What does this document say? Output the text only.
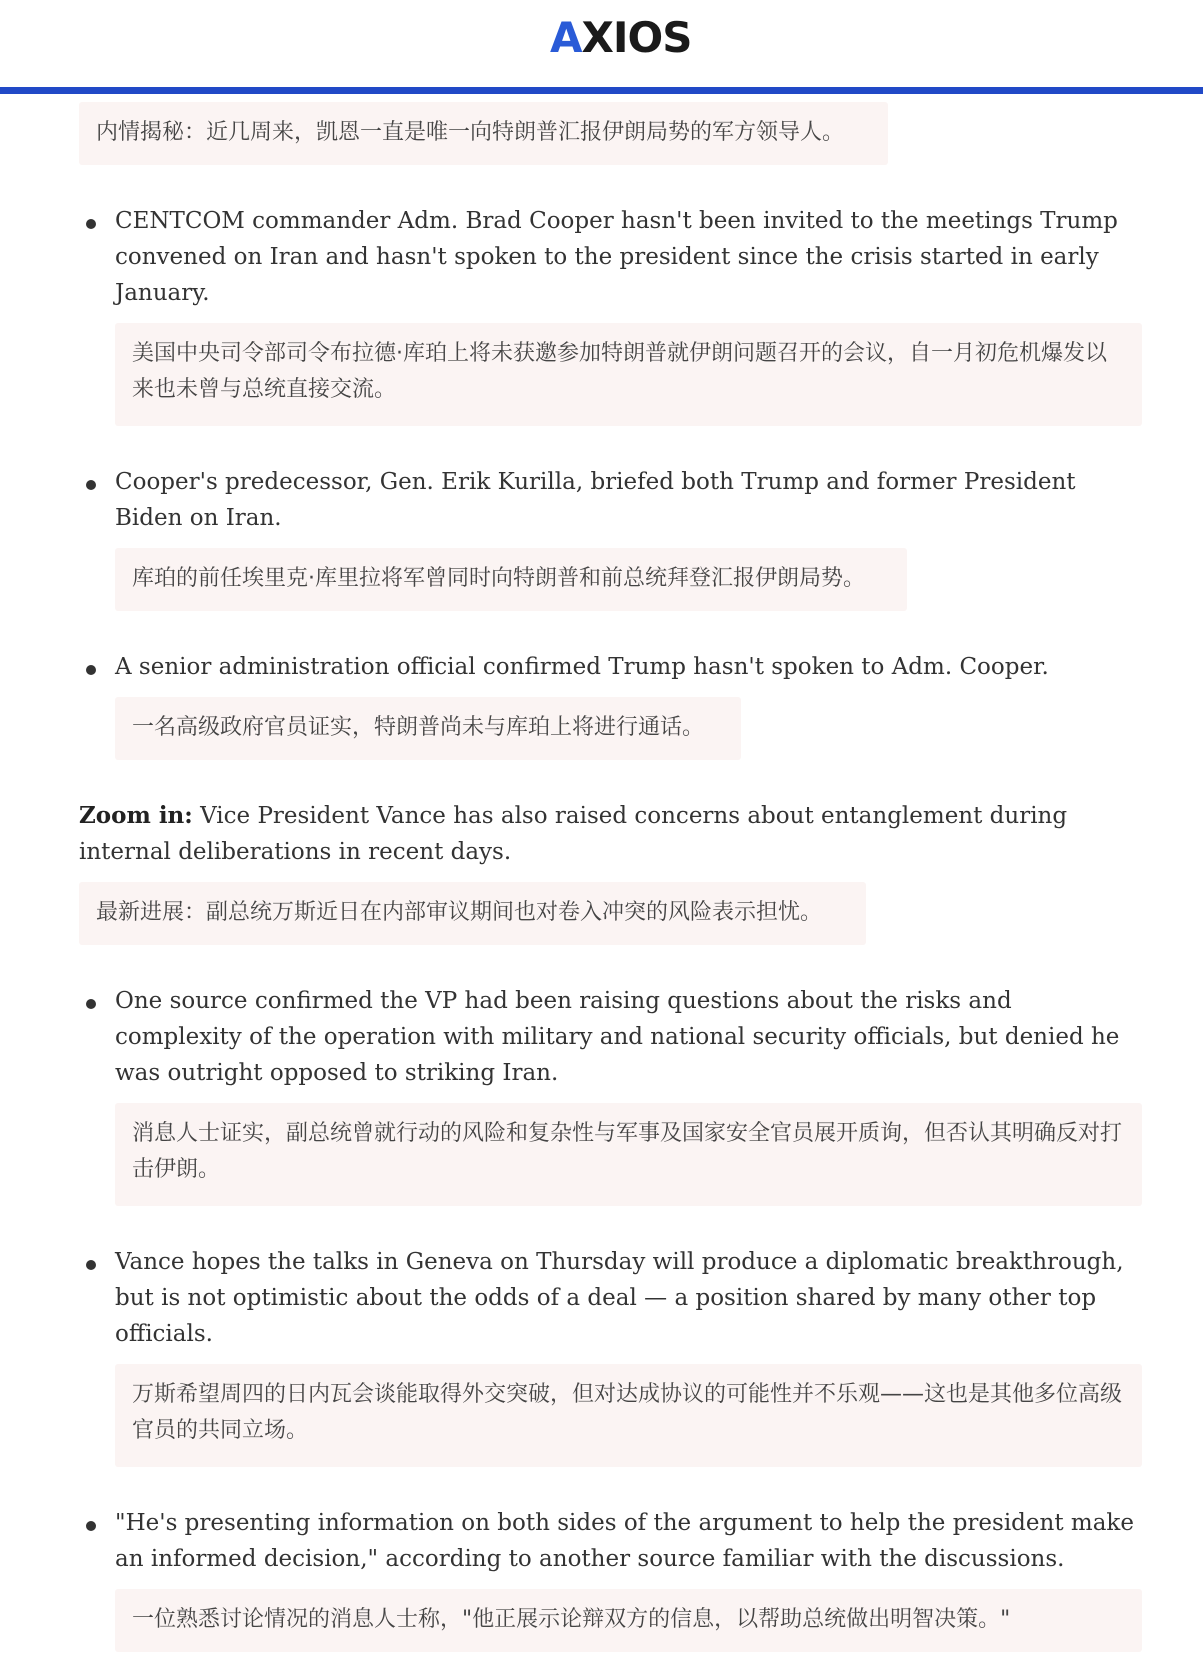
AXIOS
内情揭秘：近几周来，凯恩一直是唯一向特朗普汇报伊朗局势的军方领导人。
CENTCOM commander Adm. Brad Cooper hasn't been invited to the meetings Trump convened on Iran and hasn't spoken to the president since the crisis started in early January.
美国中央司令部司令布拉德·库珀上将未获邀参加特朗普就伊朗问题召开的会议，自一月初危机爆发以来也未曾与总统直接交流。
Cooper's predecessor, Gen. Erik Kurilla, briefed both Trump and former President Biden on Iran.
库珀的前任埃里克·库里拉将军曾同时向特朗普和前总统拜登汇报伊朗局势。
A senior administration official confirmed Trump hasn't spoken to Adm. Cooper.
一名高级政府官员证实，特朗普尚未与库珀上将进行通话。
Zoom in: Vice President Vance has also raised concerns about entanglement during internal deliberations in recent days.
最新进展：副总统万斯近日在内部审议期间也对卷入冲突的风险表示担忧。
One source confirmed the VP had been raising questions about the risks and complexity of the operation with military and national security officials, but denied he was outright opposed to striking Iran.
消息人士证实，副总统曾就行动的风险和复杂性与军事及国家安全官员展开质询，但否认其明确反对打击伊朗。
Vance hopes the talks in Geneva on Thursday will produce a diplomatic breakthrough, but is not optimistic about the odds of a deal — a position shared by many other top officials.
万斯希望周四的日内瓦会谈能取得外交突破，但对达成协议的可能性并不乐观——这也是其他多位高级官员的共同立场。
"He's presenting information on both sides of the argument to help the president make an informed decision," according to another source familiar with the discussions.
一位熟悉讨论情况的消息人士称，"他正展示论辩双方的信息，以帮助总统做出明智决策。"
